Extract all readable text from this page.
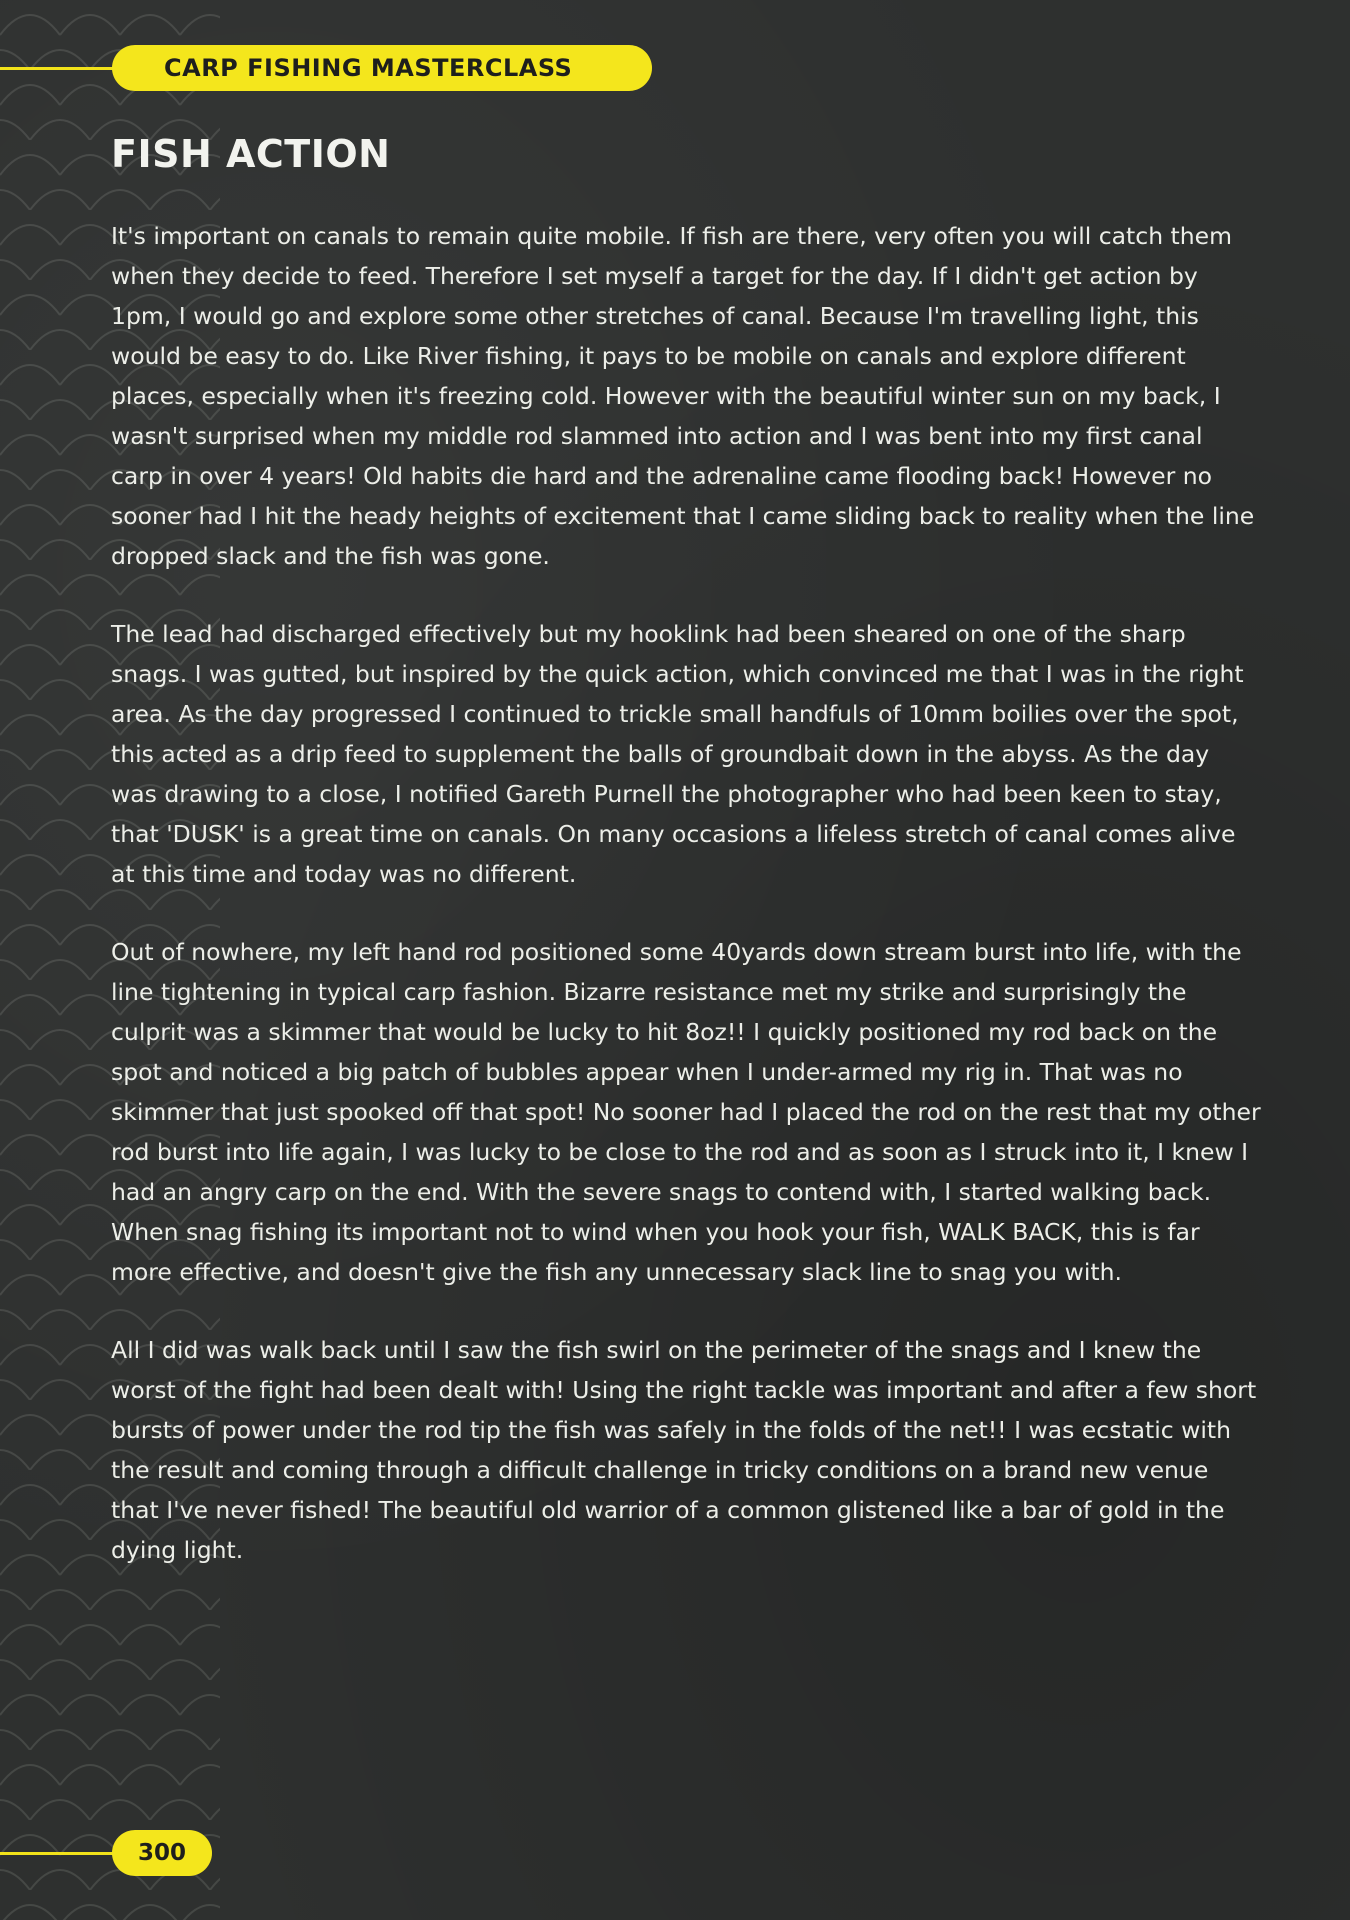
CARP FISHING MASTERCLASS
FISH ACTION

It's important on canals to remain quite mobile. If fish are there, very often you will catch them when they decide to feed. Therefore I set myself a target for the day. If I didn't get action by 1pm, I would go and explore some other stretches of canal. Because I'm travelling light, this would be easy to do. Like River fishing, it pays to be mobile on canals and explore different places, especially when it's freezing cold. However with the beautiful winter sun on my back, I wasn't surprised when my middle rod slammed into action and I was bent into my first canal carp in over 4 years! Old habits die hard and the adrenaline came flooding back! However no sooner had I hit the heady heights of excitement that I came sliding back to reality when the line dropped slack and the fish was gone.

The lead had discharged effectively but my hooklink had been sheared on one of the sharp snags. I was gutted, but inspired by the quick action, which convinced me that I was in the right area. As the day progressed I continued to trickle small handfuls of 10mm boilies over the spot, this acted as a drip feed to supplement the balls of groundbait down in the abyss. As the day was drawing to a close, I notified Gareth Purnell the photographer who had been keen to stay, that 'DUSK' is a great time on canals. On many occasions a lifeless stretch of canal comes alive at this time and today was no different.

Out of nowhere, my left hand rod positioned some 40yards down stream burst into life, with the line tightening in typical carp fashion. Bizarre resistance met my strike and surprisingly the culprit was a skimmer that would be lucky to hit 8oz!! I quickly positioned my rod back on the spot and noticed a big patch of bubbles appear when I under-armed my rig in. That was no skimmer that just spooked off that spot! No sooner had I placed the rod on the rest that my other rod burst into life again, I was lucky to be close to the rod and as soon as I struck into it, I knew I had an angry carp on the end. With the severe snags to contend with, I started walking back. When snag fishing its important not to wind when you hook your fish, WALK BACK, this is far more effective, and doesn't give the fish any unnecessary slack line to snag you with.

All I did was walk back until I saw the fish swirl on the perimeter of the snags and I knew the worst of the fight had been dealt with! Using the right tackle was important and after a few short bursts of power under the rod tip the fish was safely in the folds of the net!! I was ecstatic with the result and coming through a difficult challenge in tricky conditions on a brand new venue that I've never fished! The beautiful old warrior of a common glistened like a bar of gold in the dying light.

300
